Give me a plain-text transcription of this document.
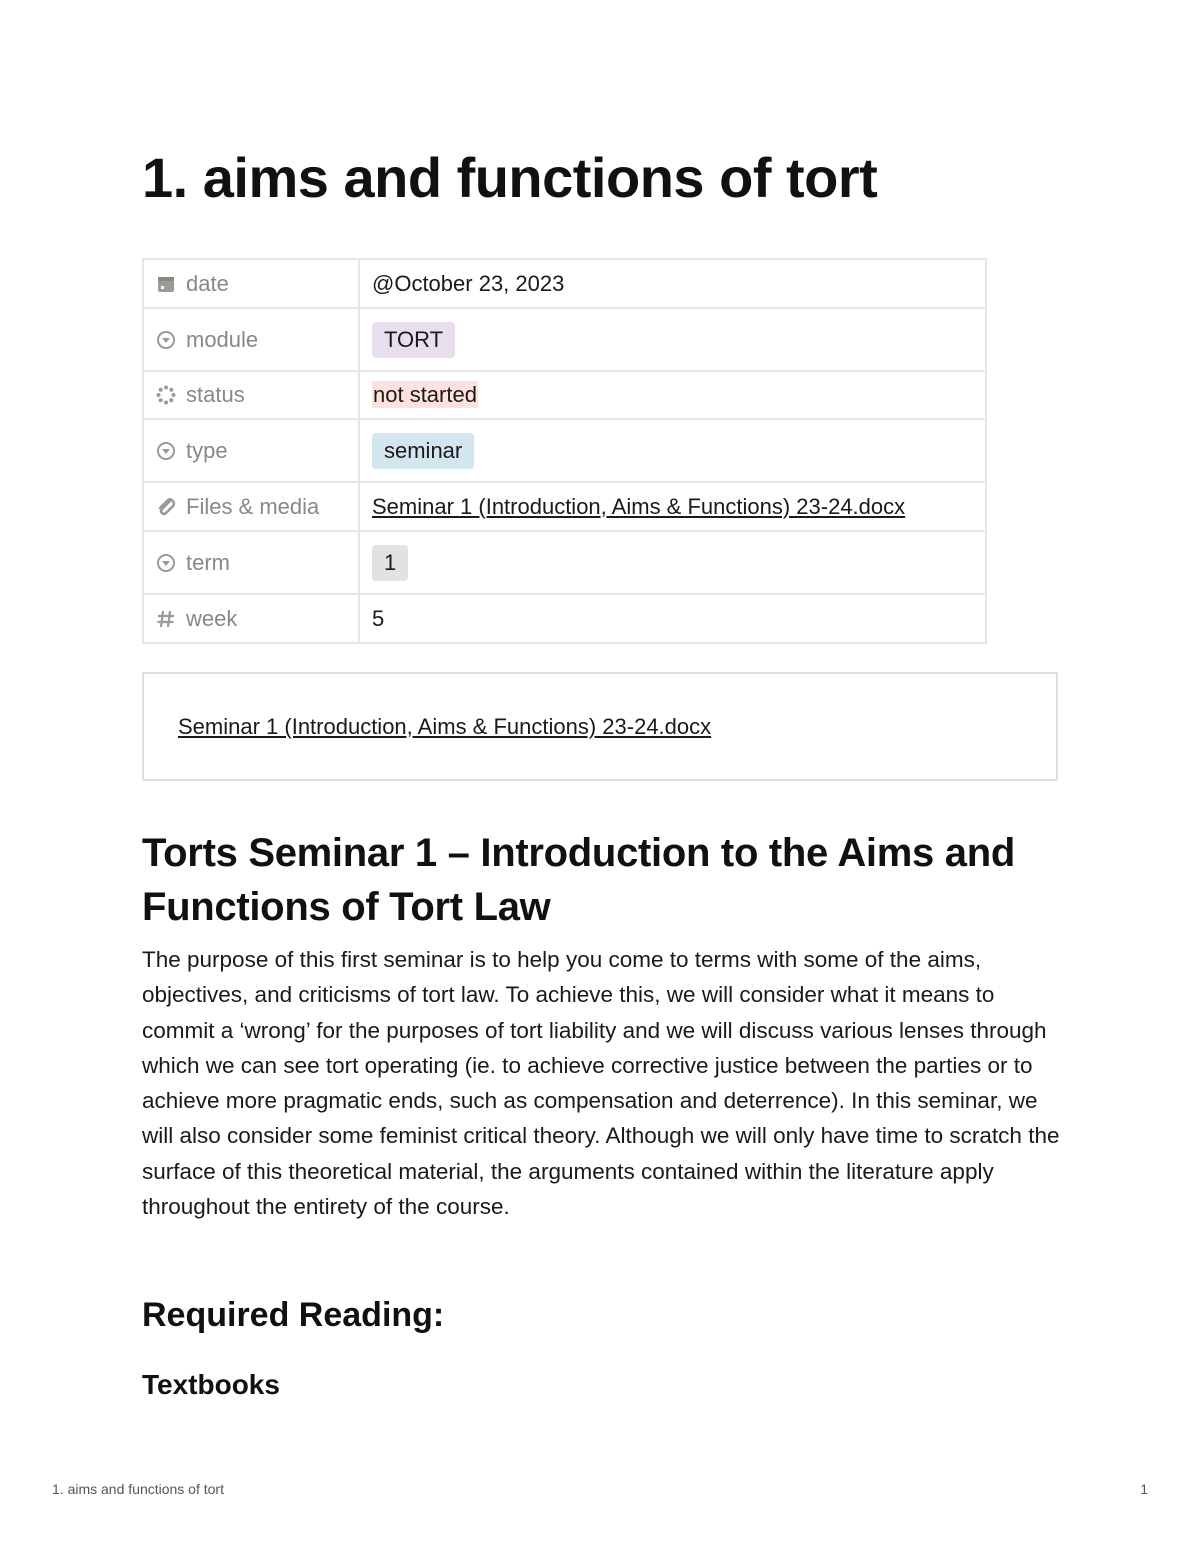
1. aims and functions of tort
date	@October 23, 2023

module	TORT

status	not started

type	seminar

Files & media	Seminar 1 (Introduction, Aims & Functions) 23-24.docx

term	1

week	5
Seminar 1 (Introduction, Aims & Functions) 23-24.docx
Torts Seminar 1 – Introduction to the Aims and Functions of Tort Law

The purpose of this first seminar is to help you come to terms with some of the aims, objectives, and criticisms of tort law. To achieve this, we will consider what it means to commit a ‘wrong’ for the purposes of tort liability and we will discuss various lenses through which we can see tort operating (ie. to achieve corrective justice between the parties or to achieve more pragmatic ends, such as compensation and deterrence). In this seminar, we will also consider some feminist critical theory. Although we will only have time to scratch the surface of this theoretical material, the arguments contained within the literature apply throughout the entirety of the course.

Required Reading:
Textbooks
1. aims and functions of tort	1
